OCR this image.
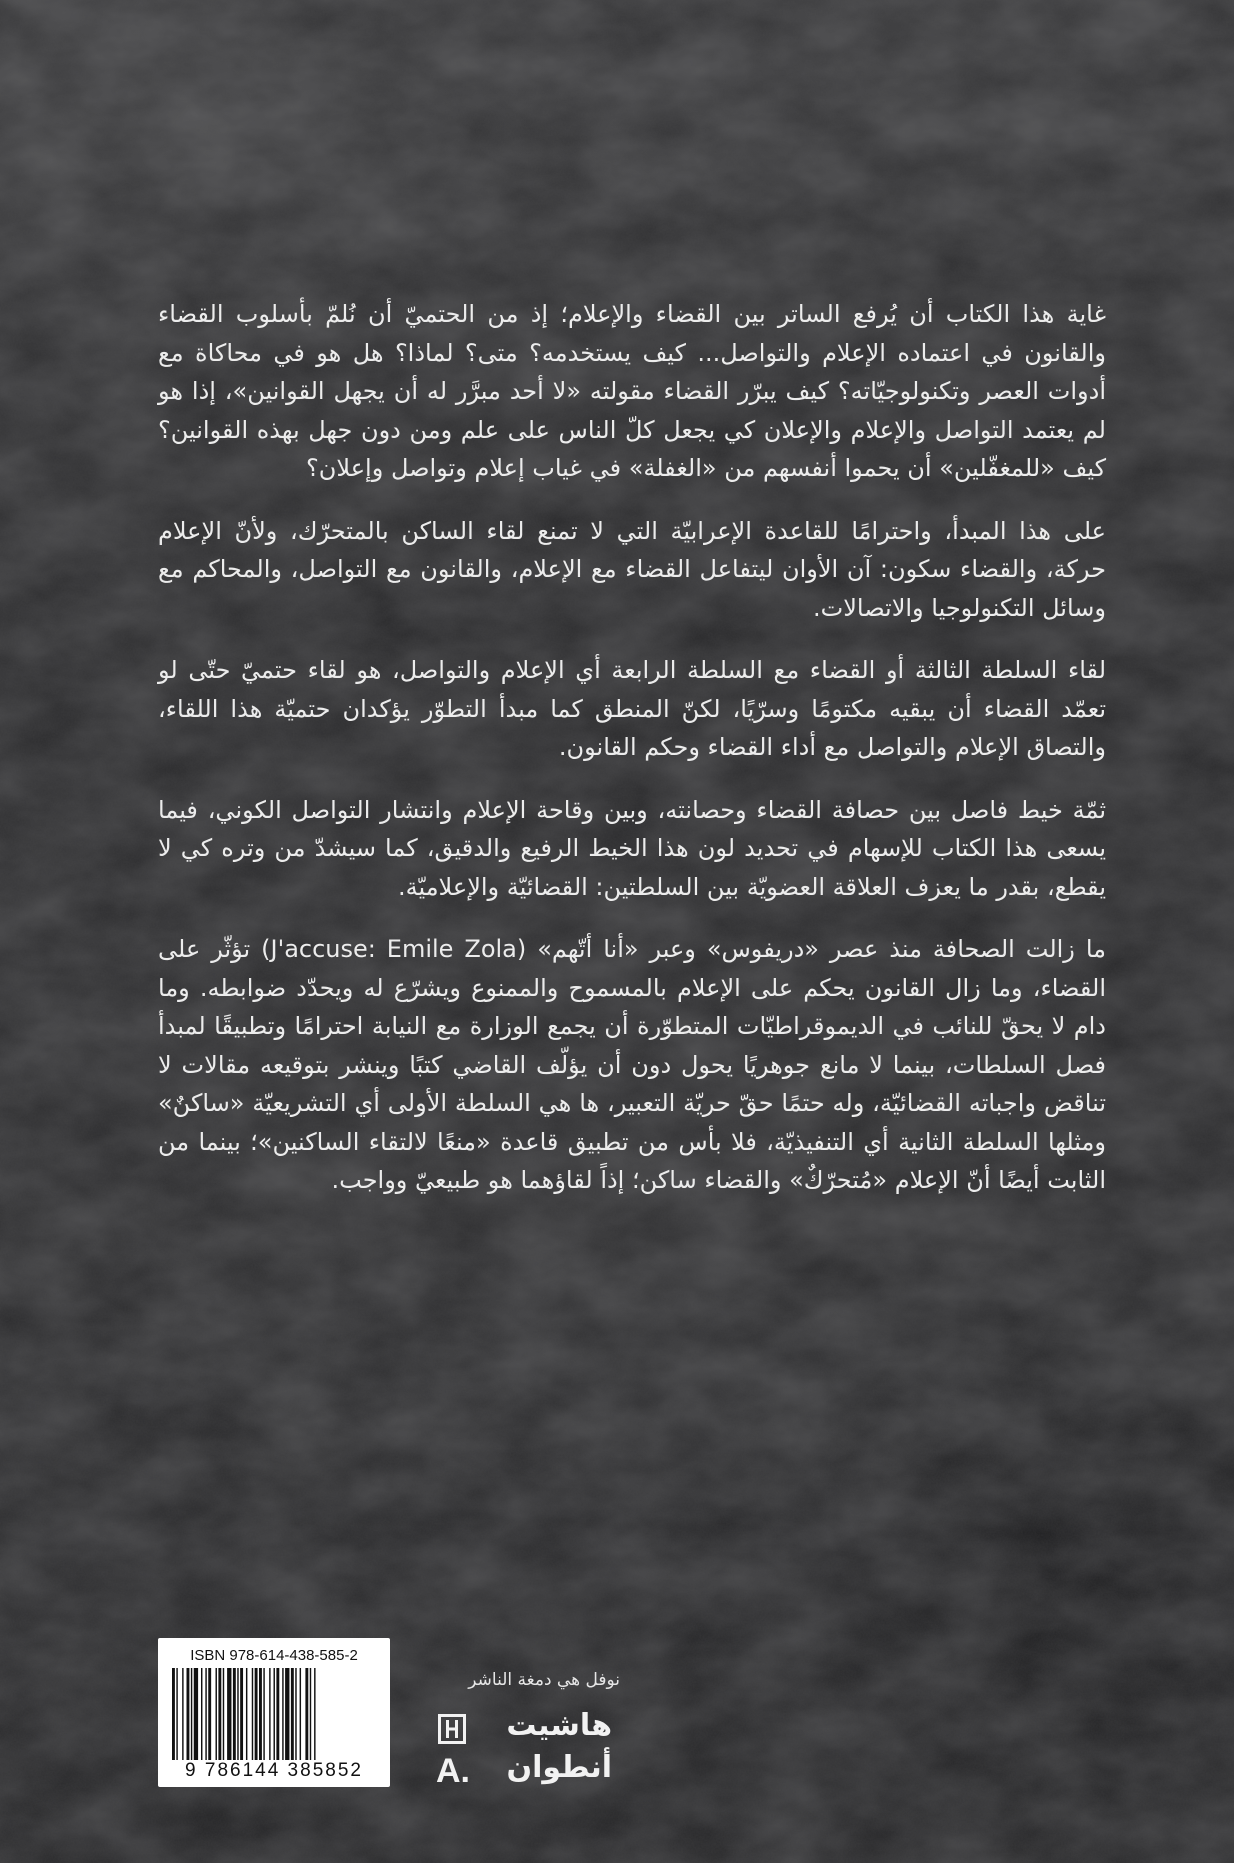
غاية هذا الكتاب أن يُرفع الساتر بين القضاء والإعلام؛ إذ من الحتميّ أن نُلمّ بأسلوب القضاء والقانون في اعتماده الإعلام والتواصل... كيف يستخدمه؟ متى؟ لماذا؟ هل هو في محاكاة مع أدوات العصر وتكنولوجيّاته؟ كيف يبرّر القضاء مقولته «لا أحد مبرَّر له أن يجهل القوانين»، إذا هو لم يعتمد التواصل والإعلام والإعلان كي يجعل كلّ الناس على علم ومن دون جهل بهذه القوانين؟ كيف «للمغفّلين» أن يحموا أنفسهم من «الغفلة» في غياب إعلام وتواصل وإعلان؟

على هذا المبدأ، واحترامًا للقاعدة الإعرابيّة التي لا تمنع لقاء الساكن بالمتحرّك، ولأنّ الإعلام حركة، والقضاء سكون: آن الأوان ليتفاعل القضاء مع الإعلام، والقانون مع التواصل، والمحاكم مع وسائل التكنولوجيا والاتصالات.

لقاء السلطة الثالثة أو القضاء مع السلطة الرابعة أي الإعلام والتواصل، هو لقاء حتميّ حتّى لو تعمّد القضاء أن يبقيه مكتومًا وسرّيًا، لكنّ المنطق كما مبدأ التطوّر يؤكدان حتميّة هذا اللقاء، والتصاق الإعلام والتواصل مع أداء القضاء وحكم القانون.

ثمّة خيط فاصل بين حصافة القضاء وحصانته، وبين وقاحة الإعلام وانتشار التواصل الكوني، فيما يسعى هذا الكتاب للإسهام في تحديد لون هذا الخيط الرفيع والدقيق، كما سيشدّ من وتره كي لا يقطع، بقدر ما يعزف العلاقة العضويّة بين السلطتين: القضائيّة والإعلاميّة.

ما زالت الصحافة منذ عصر «دريفوس» وعبر «أنا أتّهم» (J'accuse: Emile Zola) تؤثّر على القضاء، وما زال القانون يحكم على الإعلام بالمسموح والممنوع ويشرّع له ويحدّد ضوابطه. وما دام لا يحقّ للنائب في الديموقراطيّات المتطوّرة أن يجمع الوزارة مع النيابة احترامًا وتطبيقًا لمبدأ فصل السلطات، بينما لا مانع جوهريًا يحول دون أن يؤلّف القاضي كتبًا وينشر بتوقيعه مقالات لا تناقض واجباته القضائيّة، وله حتمًا حقّ حريّة التعبير، ها هي السلطة الأولى أي التشريعيّة «ساكنٌ» ومثلها السلطة الثانية أي التنفيذيّة، فلا بأس من تطبيق قاعدة «منعًا لالتقاء الساكنين»؛ بينما من الثابت أيضًا أنّ الإعلام «مُتحرّكٌ» والقضاء ساكن؛ إذاً لقاؤهما هو طبيعيّ وواجب.

ISBN 978-614-438-585-2
9 786144 385852
نوفل هي دمغة الناشر
هاشيت
أنطوان
A.
